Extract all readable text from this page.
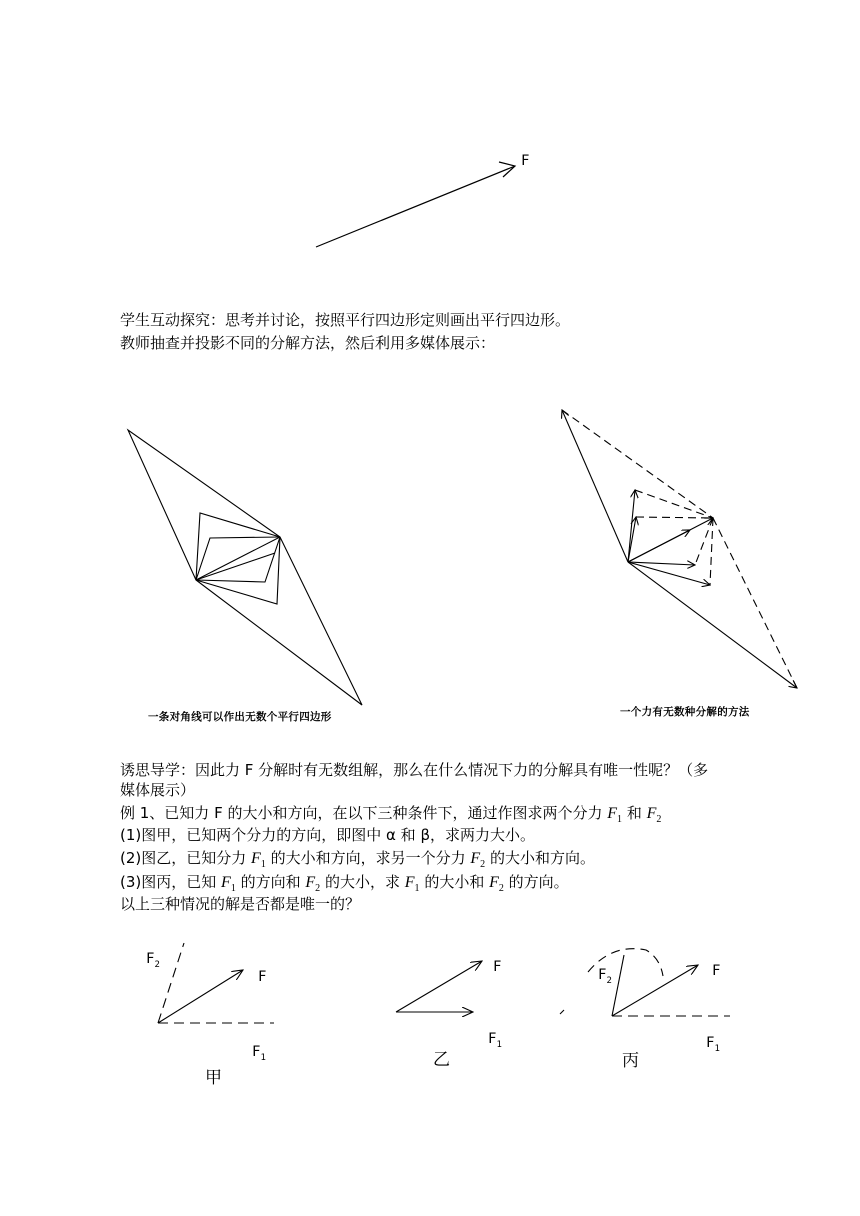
F
学生互动探究：思考并讨论，按照平行四边形定则画出平行四边形。
教师抽查并投影不同的分解方法，然后利用多媒体展示：
一条对角线可以作出无数个平行四边形	一个力有无数种分解的方法
诱思导学：因此力 F 分解时有无数组解，那么在什么情况下力的分解具有唯一性呢？（多
媒体展示）
例 1、已知力 F 的大小和方向，在以下三种条件下，通过作图求两个分力 $F_1$ 和 $F_2$
(1)图甲，已知两个分力的方向，即图中 α 和 β，求两力大小。
(2)图乙，已知分力 $F_1$ 的大小和方向，求另一个分力 $F_2$ 的大小和方向。
(3)图丙，已知 $F_1$ 的方向和 $F_2$ 的大小，求 $F_1$ 的大小和 $F_2$ 的方向。
以上三种情况的解是否都是唯一的？
$F_2$
F
$F_1$
甲
F
$F_1$
乙
$F_2$
F
$F_1$
丙
